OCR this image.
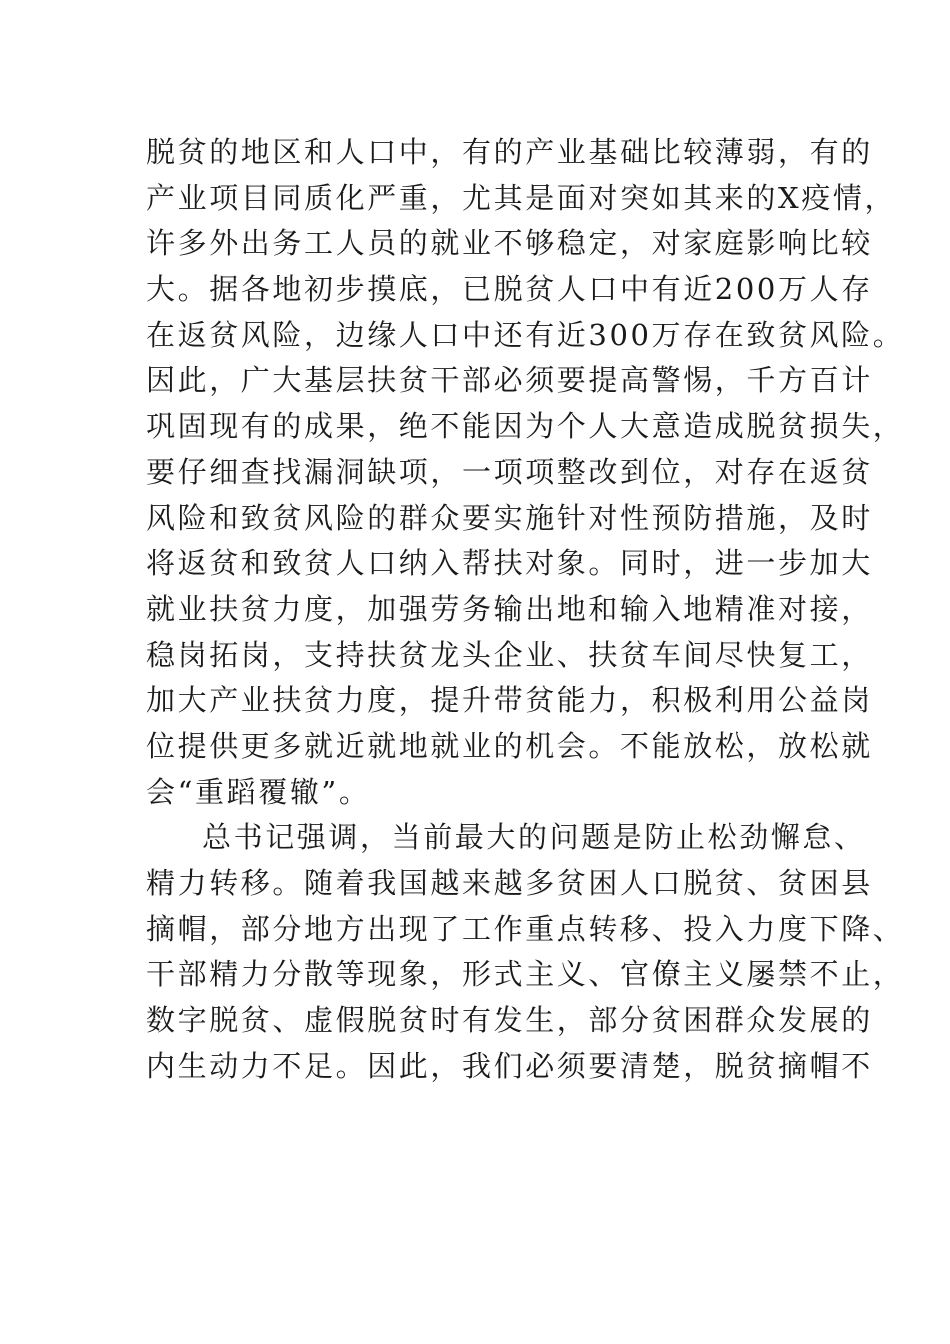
脱贫的地区和人口中，有的产业基础比较薄弱，有的
产业项目同质化严重，尤其是面对突如其来的X疫情，
许多外出务工人员的就业不够稳定，对家庭影响比较
大。据各地初步摸底，已脱贫人口中有近200万人存
在返贫风险，边缘人口中还有近300万存在致贫风险。
因此，广大基层扶贫干部必须要提高警惕，千方百计
巩固现有的成果，绝不能因为个人大意造成脱贫损失，
要仔细查找漏洞缺项，一项项整改到位，对存在返贫
风险和致贫风险的群众要实施针对性预防措施，及时
将返贫和致贫人口纳入帮扶对象。同时，进一步加大
就业扶贫力度，加强劳务输出地和输入地精准对接，
稳岗拓岗，支持扶贫龙头企业、扶贫车间尽快复工，
加大产业扶贫力度，提升带贫能力，积极利用公益岗
位提供更多就近就地就业的机会。不能放松，放松就
会“重蹈覆辙”。
总书记强调，当前最大的问题是防止松劲懈怠、
精力转移。随着我国越来越多贫困人口脱贫、贫困县
摘帽，部分地方出现了工作重点转移、投入力度下降、
干部精力分散等现象，形式主义、官僚主义屡禁不止，
数字脱贫、虚假脱贫时有发生，部分贫困群众发展的
内生动力不足。因此，我们必须要清楚，脱贫摘帽不
